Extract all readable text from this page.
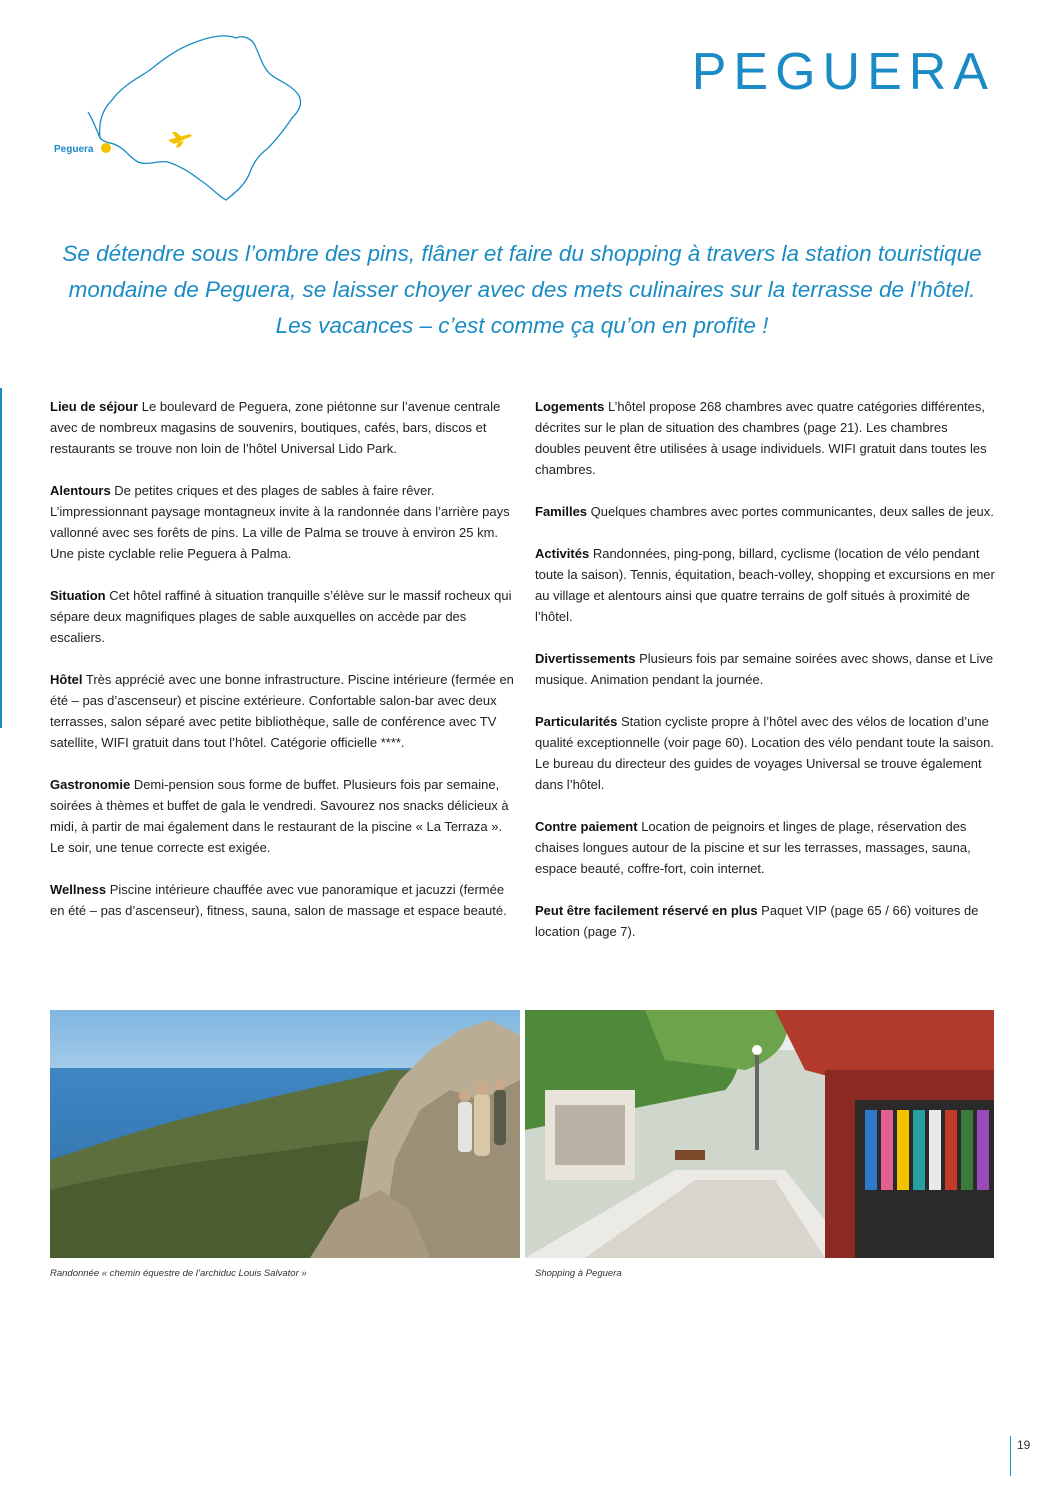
Peguera
PEGUERA

Se détendre sous l’ombre des pins, flâner et faire du shopping à travers la station touristique mondaine de Peguera, se laisser choyer avec des mets culinaires sur la terrasse de l’hôtel. Les vacances – c’est comme ça qu’on en profite !

Lieu de séjour Le boulevard de Peguera, zone piétonne sur l’avenue centrale avec de nombreux magasins de souvenirs, boutiques, cafés, bars, discos et restaurants se trouve non loin de l’hôtel Universal Lido Park.

Alentours De petites criques et des plages de sables à faire rêver. L’impressionnant paysage montagneux invite à la randonnée dans l’arrière pays vallonné avec ses forêts de pins. La ville de Palma se trouve à environ 25 km. Une piste cyclable relie Peguera à Palma.

Situation Cet hôtel raffiné à situation tranquille s’élève sur le massif rocheux qui sépare deux magnifiques plages de sable auxquelles on accède par des escaliers.

Hôtel Très apprécié avec une bonne infrastructure. Piscine intérieure (fermée en été – pas d’ascenseur) et piscine extérieure. Confortable salon-bar avec deux terrasses, salon séparé avec petite bibliothèque, salle de conférence avec TV satellite, WIFI gratuit dans tout l’hôtel. Catégorie officielle ****.

Gastronomie Demi-pension sous forme de buffet. Plusieurs fois par semaine, soirées à thèmes et buffet de gala le vendredi. Savourez nos snacks délicieux à midi, à partir de mai également dans le restaurant de la piscine « La Terraza ». Le soir, une tenue correcte est exigée.

Wellness Piscine intérieure chauffée avec vue panoramique et jacuzzi (fermée en été – pas d’ascenseur), fitness, sauna, salon de massage et espace beauté.

Logements L’hôtel propose 268 chambres avec quatre catégories différentes, décrites sur le plan de situation des chambres (page 21). Les chambres doubles peuvent être utilisées à usage individuels. WIFI gratuit dans toutes les chambres.

Familles Quelques chambres avec portes communicantes, deux salles de jeux.

Activités Randonnées, ping-pong, billard, cyclisme (location de vélo pendant toute la saison). Tennis, équitation, beach-volley, shopping et excursions en mer au village et alentours ainsi que quatre terrains de golf situés à proximité de l’hôtel.

Divertissements Plusieurs fois par semaine soirées avec shows, danse et Live musique. Animation pendant la journée.

Particularités Station cycliste propre à l’hôtel avec des vélos de location d’une qualité exceptionnelle (voir page 60). Location des vélo pendant toute la saison. Le bureau du directeur des guides de voyages Universal se trouve également dans l’hôtel.

Contre paiement Location de peignoirs et linges de plage, réservation des chaises longues autour de la piscine et sur les terrasses, massages, sauna, espace beauté, coffre-fort, coin internet.

Peut être facilement réservé en plus Paquet VIP (page 65 / 66) voitures de location (page 7).

Randonnée « chemin équestre de l’archiduc Louis Salvator »	Shopping à Peguera
19
